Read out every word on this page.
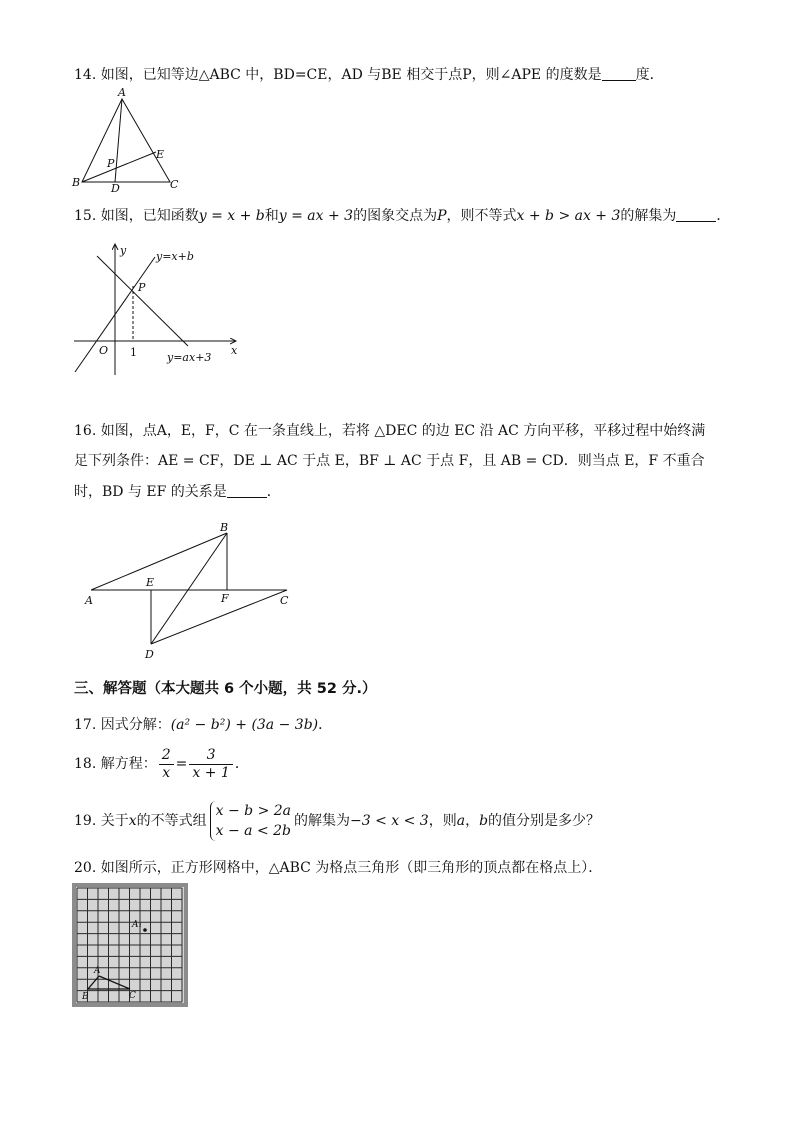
14. 如图，已知等边△ABC 中，BD=CE，AD 与BE 相交于点P，则∠APE 的度数是 度．
A
B	C
D
E
P
15. 如图，已知函数y = x + b和y = ax + 3的图象交点为P，则不等式x + b > ax + 3的解集为	．
y
x
O 1
P
y=x+b
y=ax+3
16. 如图，点A，E，F，C 在一条直线上，若将 △DEC 的边 EC 沿 AC 方向平移，平移过程中始终满
足下列条件：AE = CF，DE ⊥ AC 于点 E，BF ⊥ AC 于点 F，且 AB = CD．则当点 E，F 不重合
时，BD 与 EF 的关系是	．
B
A
E
F	C
D
三、解答题（本大题共 6 个小题，共 52 分.）
17. 因式分解：(a² − b²) + (3a − 3b)．
18. 解方程： $\frac{2}{x} = \frac{3}{x + 1}$ ．
19. 关于x的不等式组
x − b > 2a
x − a < 2b
的解集为−3 < x < 3，则a，b的值分别是多少？
20. 如图所示，正方形网格中，△ABC 为格点三角形（即三角形的顶点都在格点上）．
A₁
A
B	C
